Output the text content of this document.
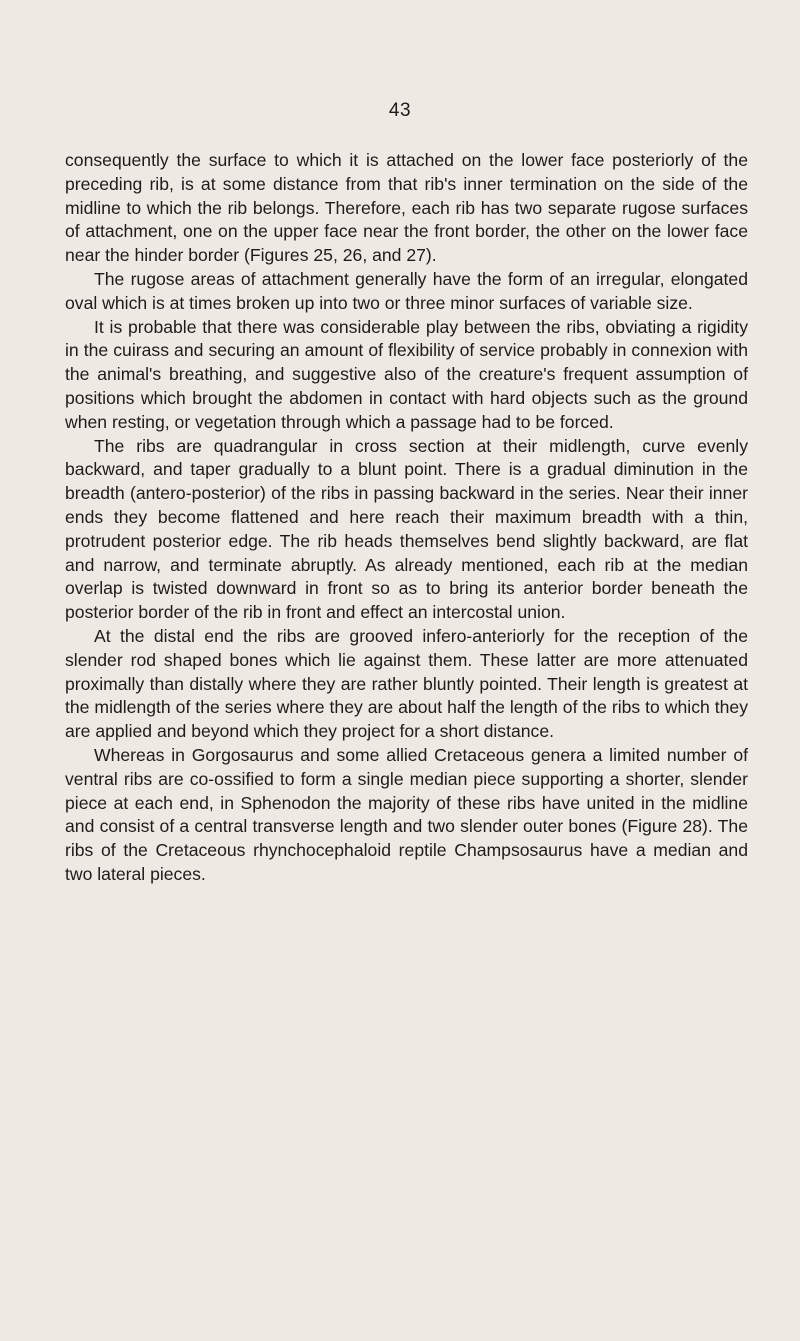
43

consequently the surface to which it is attached on the lower face posteriorly of the preceding rib, is at some distance from that rib's inner termination on the side of the midline to which the rib belongs. Therefore, each rib has two separate rugose surfaces of attachment, one on the upper face near the front border, the other on the lower face near the hinder border (Figures 25, 26, and 27).

The rugose areas of attachment generally have the form of an irregular, elongated oval which is at times broken up into two or three minor surfaces of variable size.

It is probable that there was considerable play between the ribs, obviating a rigidity in the cuirass and securing an amount of flexibility of service probably in connexion with the animal's breathing, and suggestive also of the creature's frequent assumption of positions which brought the abdomen in contact with hard objects such as the ground when resting, or vegetation through which a passage had to be forced.

The ribs are quadrangular in cross section at their midlength, curve evenly backward, and taper gradually to a blunt point. There is a gradual diminution in the breadth (antero-posterior) of the ribs in passing backward in the series. Near their inner ends they become flattened and here reach their maximum breadth with a thin, protrudent posterior edge. The rib heads themselves bend slightly backward, are flat and narrow, and terminate abruptly. As already mentioned, each rib at the median overlap is twisted downward in front so as to bring its anterior border beneath the posterior border of the rib in front and effect an intercostal union.

At the distal end the ribs are grooved infero-anteriorly for the reception of the slender rod shaped bones which lie against them. These latter are more attenuated proximally than distally where they are rather bluntly pointed. Their length is greatest at the midlength of the series where they are about half the length of the ribs to which they are applied and beyond which they project for a short distance.

Whereas in Gorgosaurus and some allied Cretaceous genera a limited number of ventral ribs are co-ossified to form a single median piece supporting a shorter, slender piece at each end, in Sphenodon the majority of these ribs have united in the midline and consist of a central transverse length and two slender outer bones (Figure 28). The ribs of the Cretaceous rhynchocephaloid reptile Champsosaurus have a median and two lateral pieces.
